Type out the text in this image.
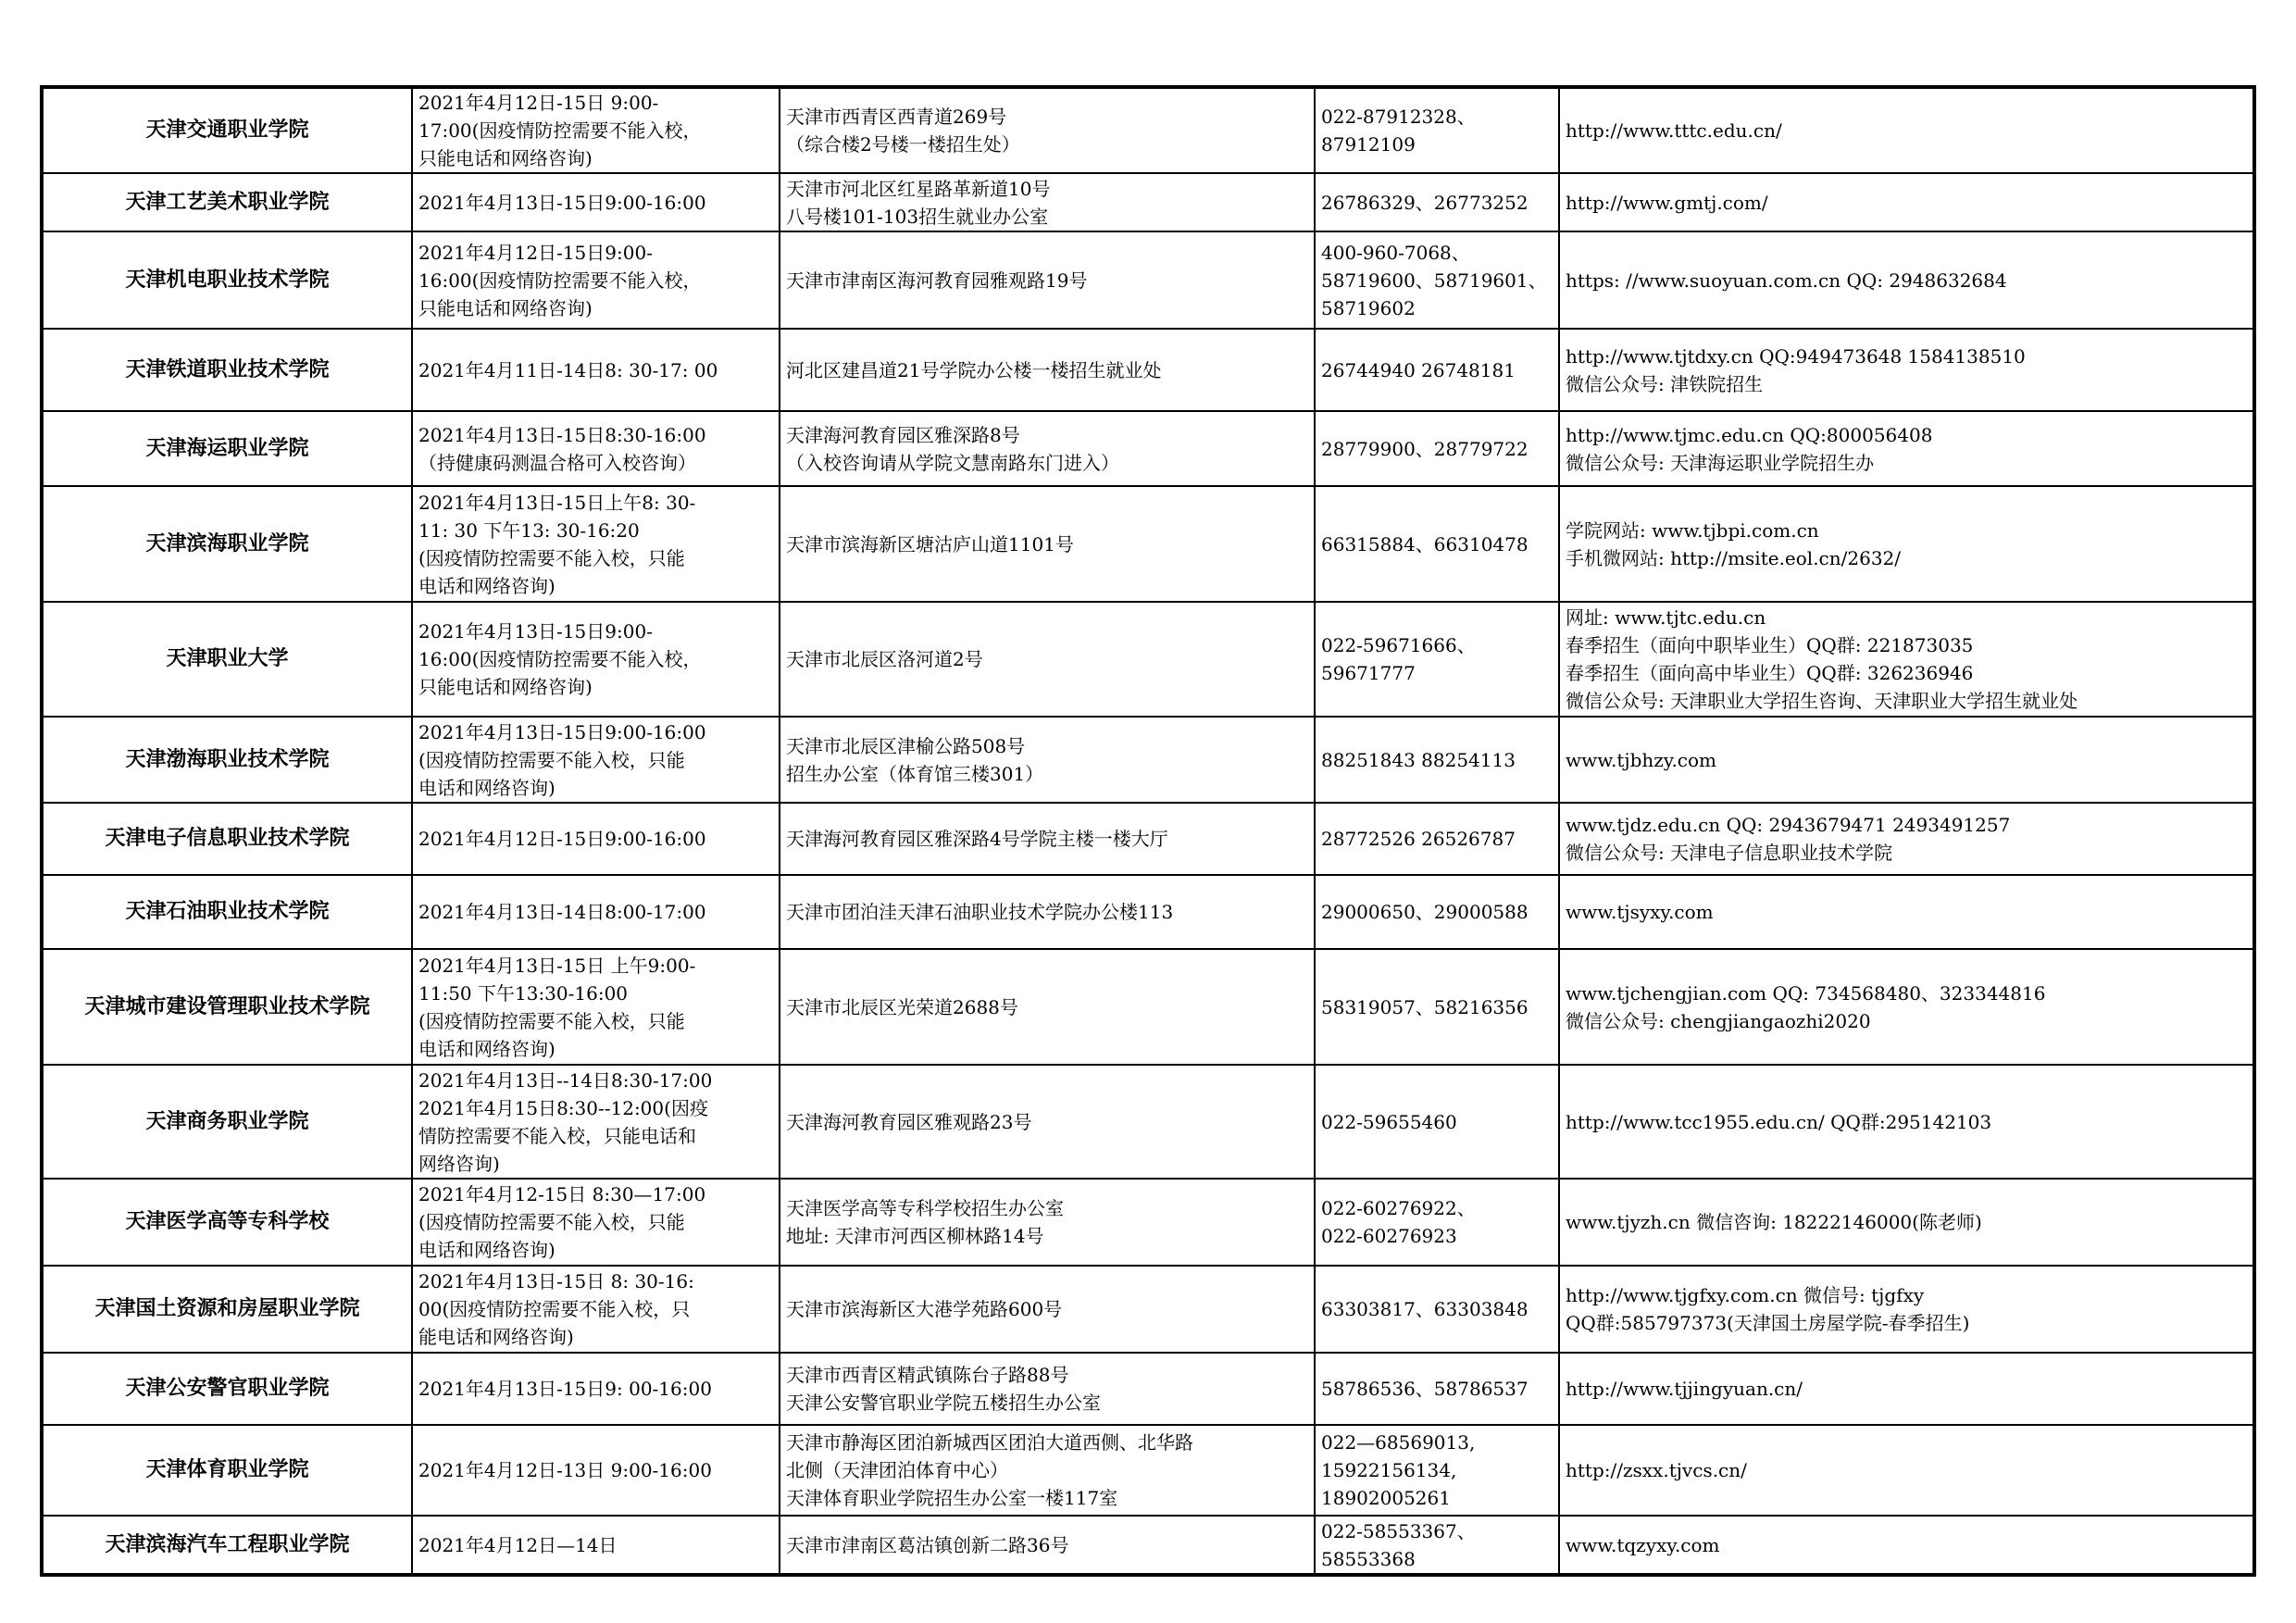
天津交通职业学院	2021年4月12日-15日 9:00-
17:00(因疫情防控需要不能入校，
只能电话和网络咨询)	天津市西青区西青道269号
（综合楼2号楼一楼招生处）	022-87912328、
87912109	http://www.tttc.edu.cn/
天津工艺美术职业学院	2021年4月13日-15日9:00-16:00	天津市河北区红星路革新道10号
八号楼101-103招生就业办公室	26786329、26773252	http://www.gmtj.com/
天津机电职业技术学院	2021年4月12日-15日9:00-
16:00(因疫情防控需要不能入校，
只能电话和网络咨询)	天津市津南区海河教育园雅观路19号	400-960-7068、
58719600、58719601、
58719602	https: //www.suoyuan.com.cn QQ: 2948632684
天津铁道职业技术学院	2021年4月11日-14日8: 30-17: 00	河北区建昌道21号学院办公楼一楼招生就业处	26744940 26748181	http://www.tjtdxy.cn QQ:949473648 1584138510
微信公众号: 津铁院招生
天津海运职业学院	2021年4月13日-15日8:30-16:00
（持健康码测温合格可入校咨询）	天津海河教育园区雅深路8号
（入校咨询请从学院文慧南路东门进入）	28779900、28779722	http://www.tjmc.edu.cn QQ:800056408
微信公众号: 天津海运职业学院招生办
天津滨海职业学院	2021年4月13日-15日上午8: 30-
11: 30 下午13: 30-16:20
(因疫情防控需要不能入校，只能
电话和网络咨询)	天津市滨海新区塘沽庐山道1101号	66315884、66310478	学院网站: www.tjbpi.com.cn
手机微网站: http://msite.eol.cn/2632/
天津职业大学	2021年4月13日-15日9:00-
16:00(因疫情防控需要不能入校，
只能电话和网络咨询)	天津市北辰区洛河道2号	022-59671666、
59671777	网址: www.tjtc.edu.cn
春季招生（面向中职毕业生）QQ群: 221873035
春季招生（面向高中毕业生）QQ群: 326236946
微信公众号: 天津职业大学招生咨询、天津职业大学招生就业处
天津渤海职业技术学院	2021年4月13日-15日9:00-16:00
(因疫情防控需要不能入校，只能
电话和网络咨询)	天津市北辰区津榆公路508号
招生办公室（体育馆三楼301）	88251843 88254113	www.tjbhzy.com
天津电子信息职业技术学院	2021年4月12日-15日9:00-16:00	天津海河教育园区雅深路4号学院主楼一楼大厅	28772526 26526787	www.tjdz.edu.cn QQ: 2943679471 2493491257
微信公众号: 天津电子信息职业技术学院
天津石油职业技术学院	2021年4月13日-14日8:00-17:00	天津市团泊洼天津石油职业技术学院办公楼113	29000650、29000588	www.tjsyxy.com
天津城市建设管理职业技术学院	2021年4月13日-15日 上午9:00-
11:50 下午13:30-16:00
(因疫情防控需要不能入校，只能
电话和网络咨询)	天津市北辰区光荣道2688号	58319057、58216356	www.tjchengjian.com QQ: 734568480、323344816
微信公众号: chengjiangaozhi2020
天津商务职业学院	2021年4月13日--14日8:30-17:00
2021年4月15日8:30--12:00(因疫
情防控需要不能入校，只能电话和
网络咨询)	天津海河教育园区雅观路23号	022-59655460	http://www.tcc1955.edu.cn/ QQ群:295142103
天津医学高等专科学校	2021年4月12-15日 8:30—17:00
(因疫情防控需要不能入校，只能
电话和网络咨询)	天津医学高等专科学校招生办公室
地址: 天津市河西区柳林路14号	022-60276922、
022-60276923	www.tjyzh.cn 微信咨询: 18222146000(陈老师)
天津国土资源和房屋职业学院	2021年4月13日-15日 8: 30-16:
00(因疫情防控需要不能入校，只
能电话和网络咨询)	天津市滨海新区大港学苑路600号	63303817、63303848	http://www.tjgfxy.com.cn 微信号: tjgfxy
QQ群:585797373(天津国土房屋学院-春季招生)
天津公安警官职业学院	2021年4月13日-15日9: 00-16:00	天津市西青区精武镇陈台子路88号
天津公安警官职业学院五楼招生办公室	58786536、58786537	http://www.tjjingyuan.cn/
天津体育职业学院	2021年4月12日-13日 9:00-16:00	天津市静海区团泊新城西区团泊大道西侧、北华路
北侧（天津团泊体育中心）
天津体育职业学院招生办公室一楼117室	022—68569013,
15922156134,
18902005261	http://zsxx.tjvcs.cn/
天津滨海汽车工程职业学院	2021年4月12日—14日	天津市津南区葛沽镇创新二路36号	022-58553367、
58553368	www.tqzyxy.com
